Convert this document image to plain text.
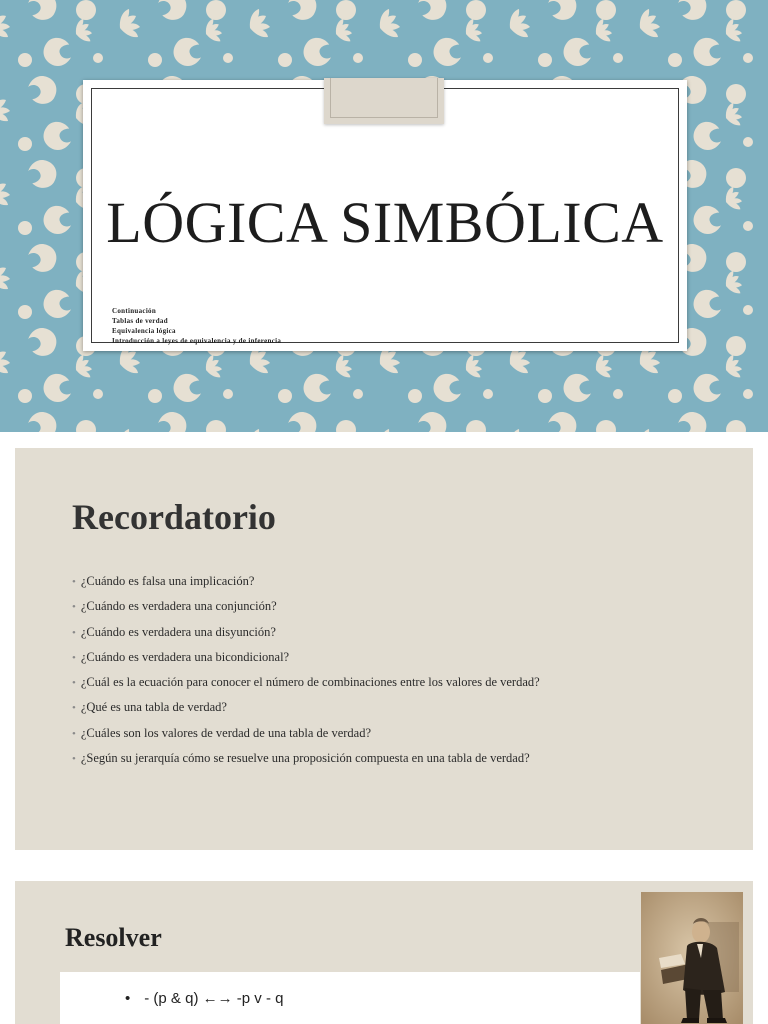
LÓGICA SIMBÓLICA
Continuación
Tablas de verdad
Equivalencia lógica
Introducción a leyes de equivalencia y de inferencia
Recordatorio
• ¿Cuándo es falsa una implicación?
• ¿Cuándo es verdadera una conjunción?
• ¿Cuándo es verdadera una disyunción?
• ¿Cuándo es verdadera una bicondicional?
• ¿Cuál es la ecuación para conocer el número de combinaciones entre los valores de verdad?
• ¿Qué es una tabla de verdad?
• ¿Cuáles son los valores de verdad de una tabla de verdad?
• ¿Según su jerarquía cómo se resuelve una proposición compuesta en una tabla de verdad?
Resolver
• - (p & q) ←→ -p v - q
